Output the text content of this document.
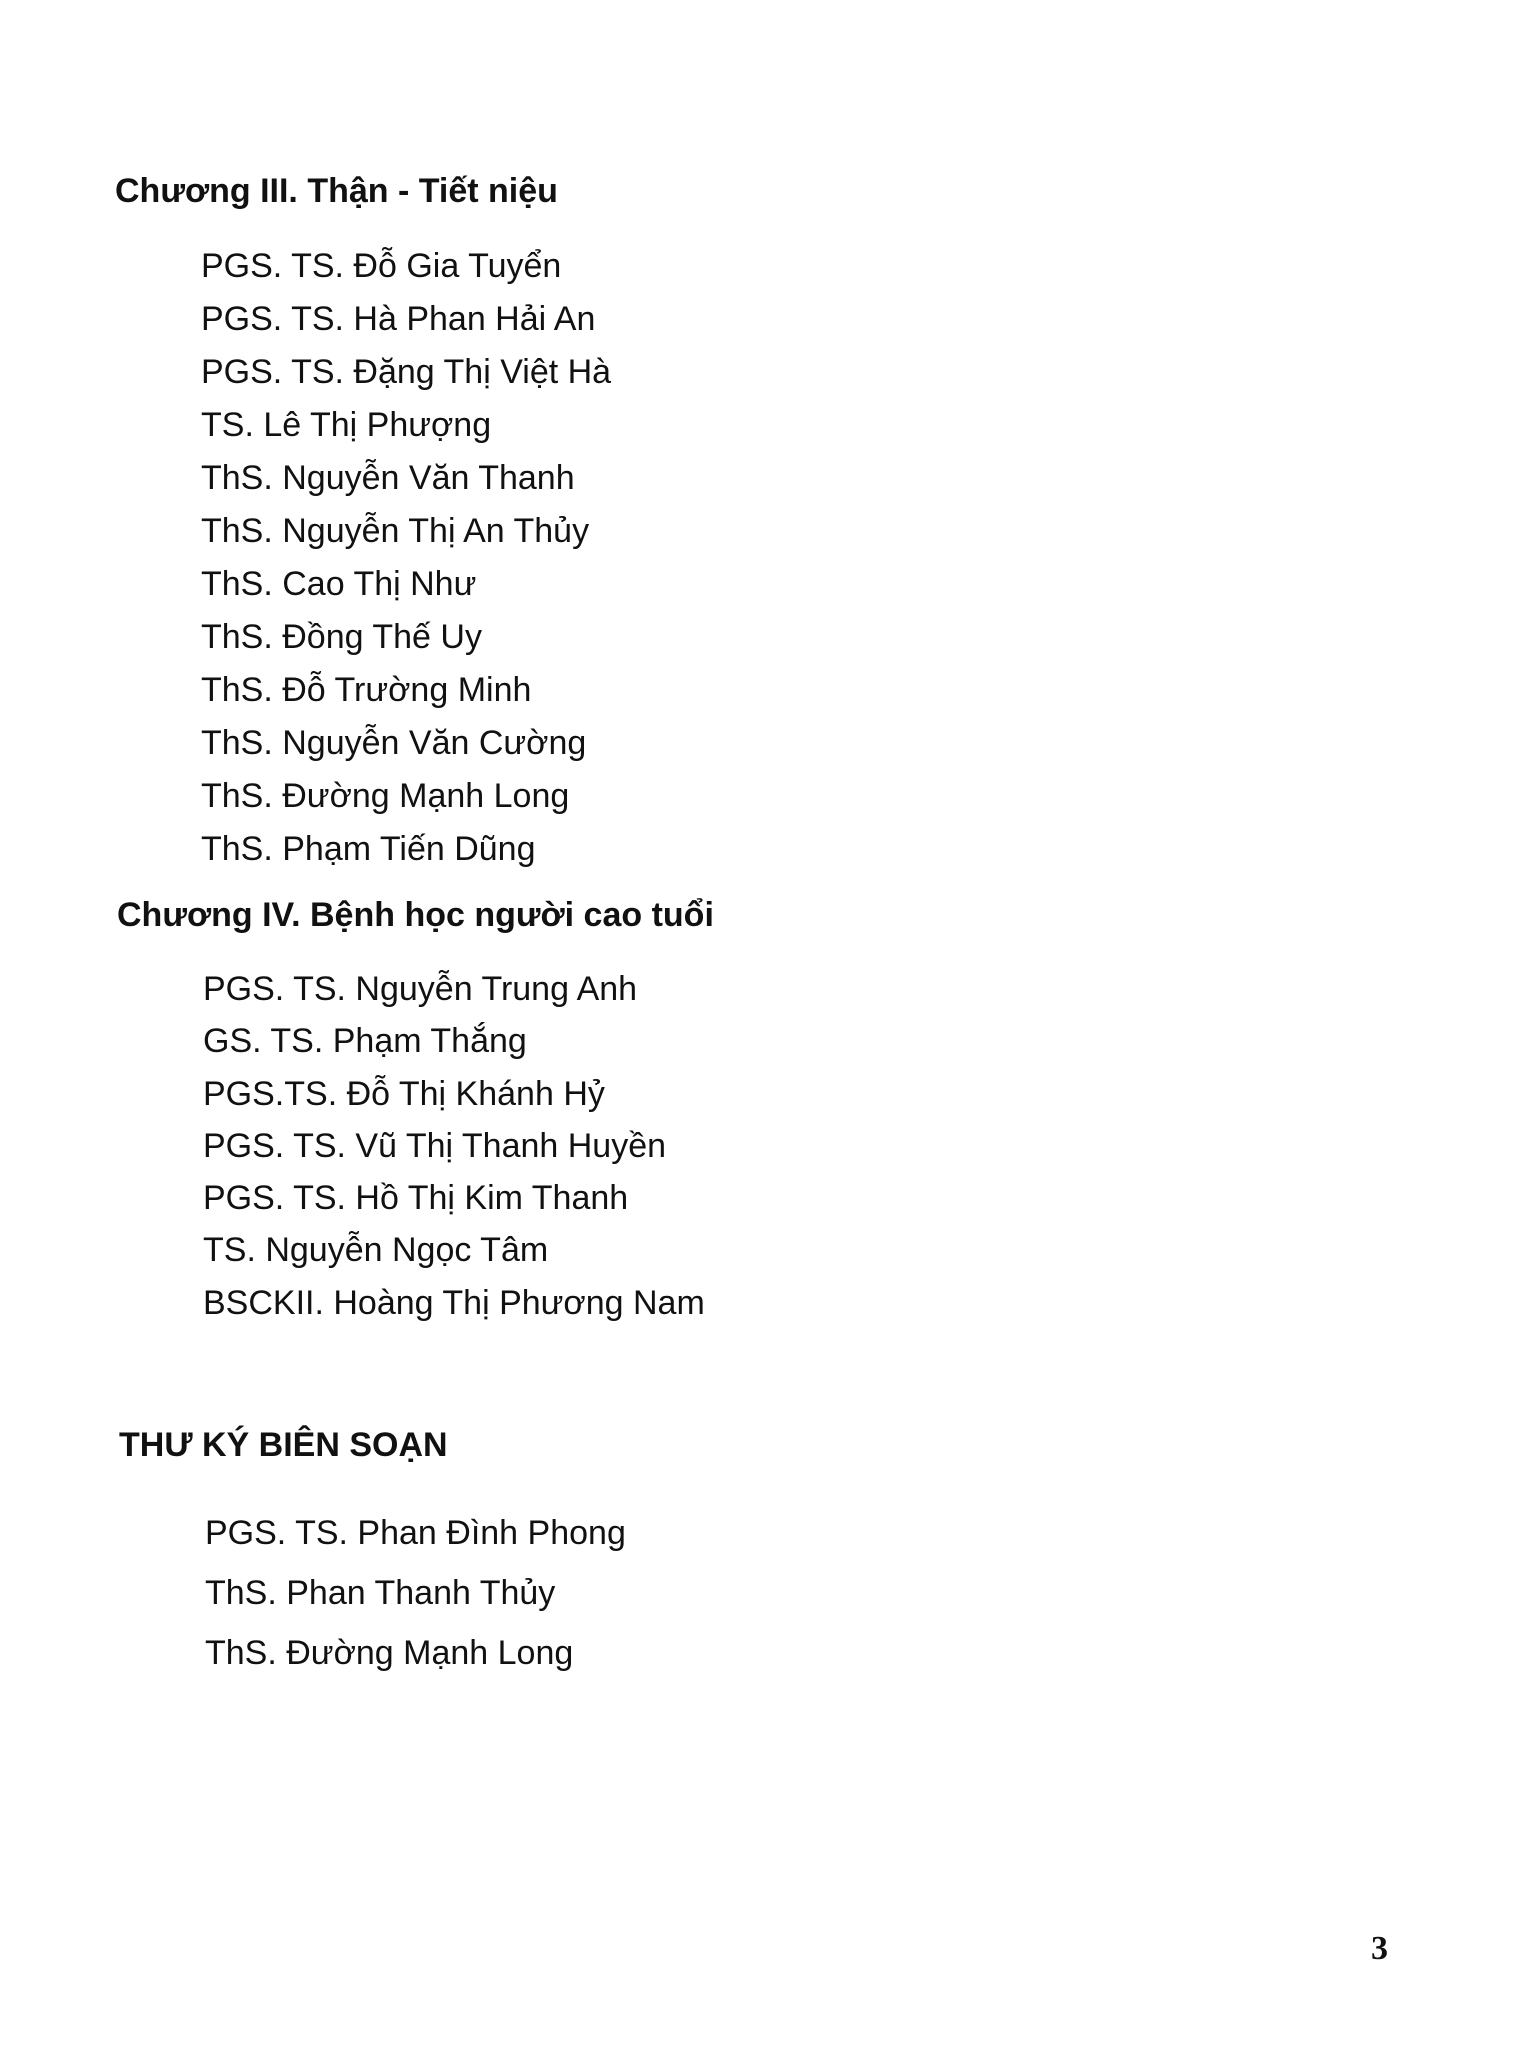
Chương III. Thận - Tiết niệu
PGS. TS. Đỗ Gia Tuyển
PGS. TS. Hà Phan Hải An
PGS. TS. Đặng Thị Việt Hà
TS. Lê Thị Phượng
ThS. Nguyễn Văn Thanh
ThS. Nguyễn Thị An Thủy
ThS. Cao Thị Như
ThS. Đồng Thế Uy
ThS. Đỗ Trường Minh
ThS. Nguyễn Văn Cường
ThS. Đường Mạnh Long
ThS. Phạm Tiến Dũng
Chương IV. Bệnh học người cao tuổi
PGS. TS. Nguyễn Trung Anh
GS. TS. Phạm Thắng
PGS.TS. Đỗ Thị Khánh Hỷ
PGS. TS. Vũ Thị Thanh Huyền
PGS. TS. Hồ Thị Kim Thanh
TS. Nguyễn Ngọc Tâm
BSCKII. Hoàng Thị Phương Nam
THƯ KÝ BIÊN SOẠN
PGS. TS. Phan Đình Phong
ThS. Phan Thanh Thủy
ThS. Đường Mạnh Long
3
